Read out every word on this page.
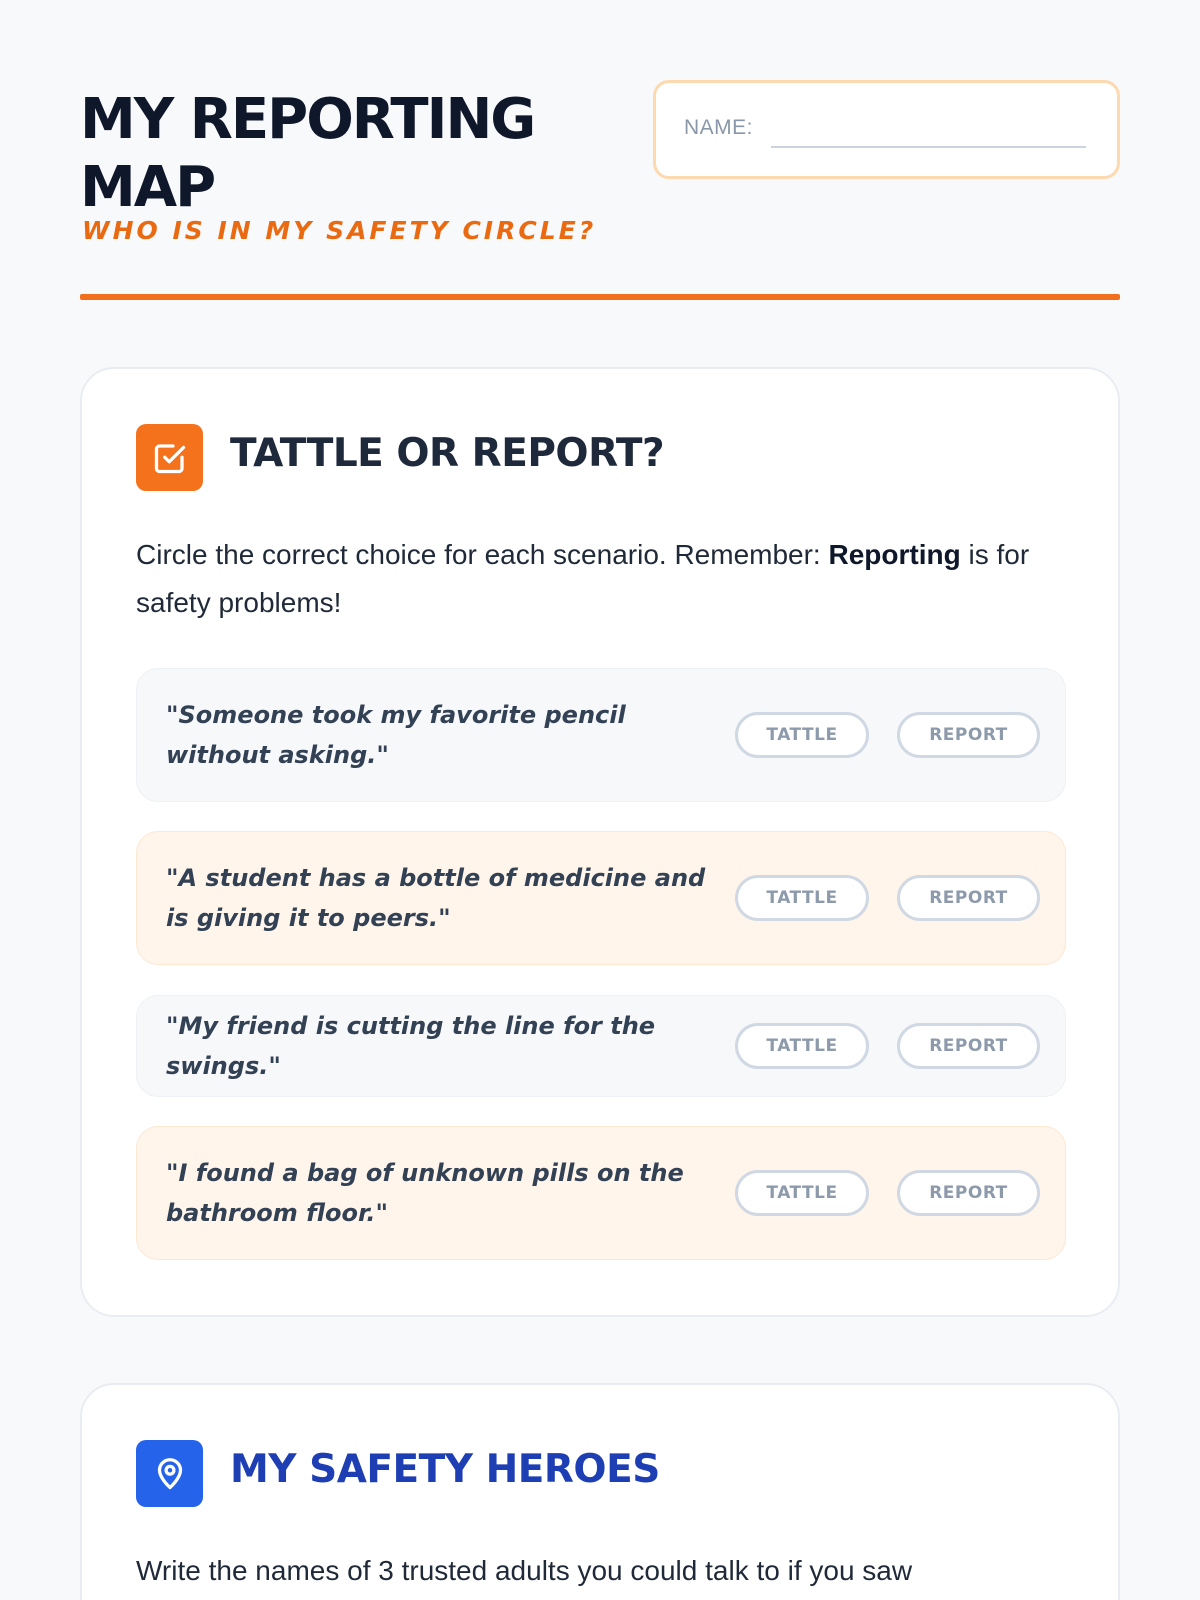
MY REPORTING MAP
WHO IS IN MY SAFETY CIRCLE?
NAME:
TATTLE OR REPORT?

Circle the correct choice for each scenario. Remember: Reporting is for safety problems!

"Someone took my favorite pencil without asking."
TATTLE	REPORT
"A student has a bottle of medicine and is giving it to peers."
TATTLE	REPORT
"My friend is cutting the line for the swings."
TATTLE	REPORT
"I found a bag of unknown pills on the bathroom floor."
TATTLE	REPORT
MY SAFETY HEROES

Write the names of 3 trusted adults you could talk to if you saw
